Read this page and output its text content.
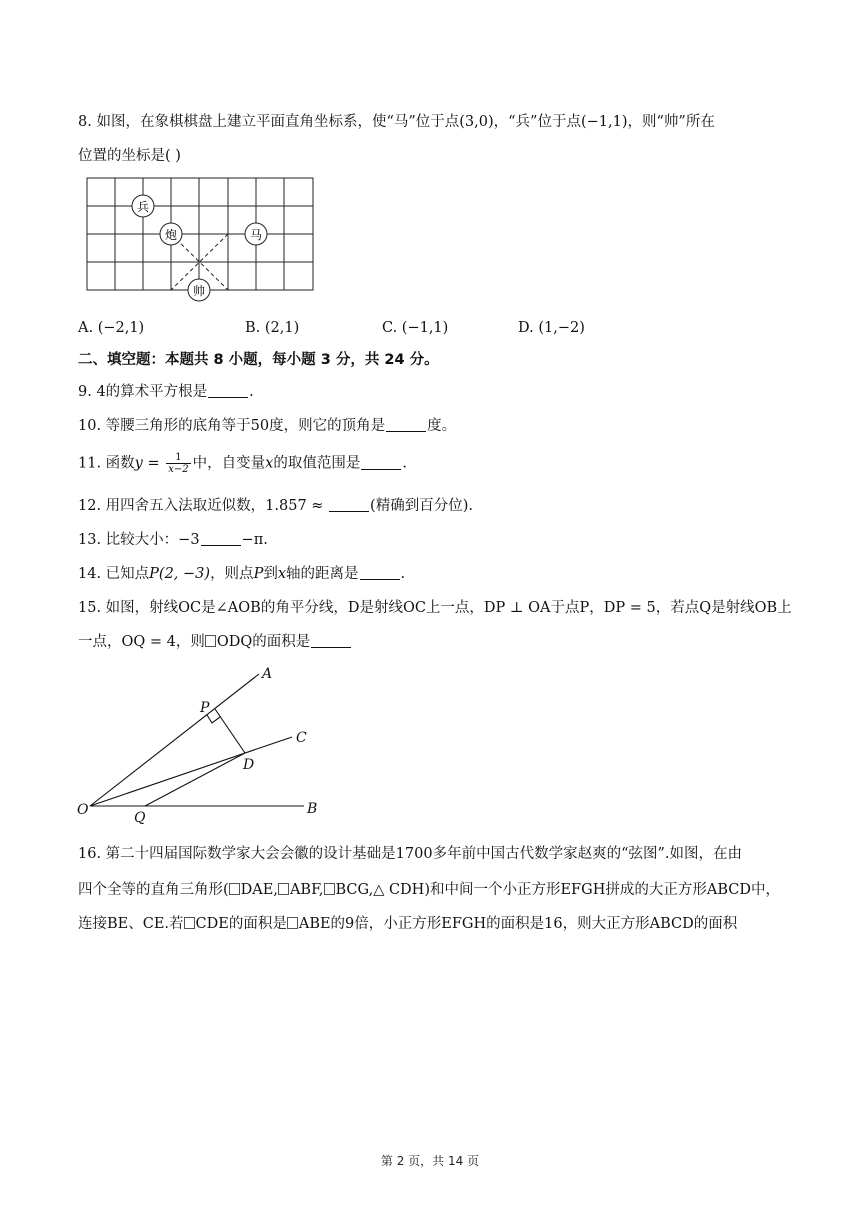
8. 如图，在象棋棋盘上建立平面直角坐标系，使“马”位于点(3,0)，“兵”位于点(−1,1)，则“帅”所在
位置的坐标是( )
兵
炮	马
帅
A. (−2,1)	B. (2,1)	C. (−1,1)	D. (1,−2)
二、填空题：本题共 8 小题，每小题 3 分，共 24 分。
9. 4的算术平方根是	.
10. 等腰三角形的底角等于50度，则它的顶角是	度。
11. 函数$y = \frac{1}{x-2}$ 中，自变量x的取值范围是	.
12. 用四舍五入法取近似数，1.857 ≈	(精确到百分位).
13. 比较大小：−3	−π.
14. 已知点P(2, −3)，则点P到x轴的距离是	.
15. 如图，射线OC是∠AOB的角平分线，D是射线OC上一点，DP ⊥ OA于点P，DP = 5，若点Q是射线OB上
一点，OQ = 4，则 ODQ的面积是
A
C
P
D
O	Q
B
16. 第二十四届国际数学家大会会徽的设计基础是1700多年前中国古代数学家赵爽的“弦图”.如图，在由
四个全等的直角三角形( DAE, ABF, BCG,△ CDH)和中间一个小正方形EFGH拼成的大正方形ABCD中，
连接BE、CE.若 CDE的面积是 ABE的9倍，小正方形EFGH的面积是16，则大正方形ABCD的面积
第 2 页，共 14 页
